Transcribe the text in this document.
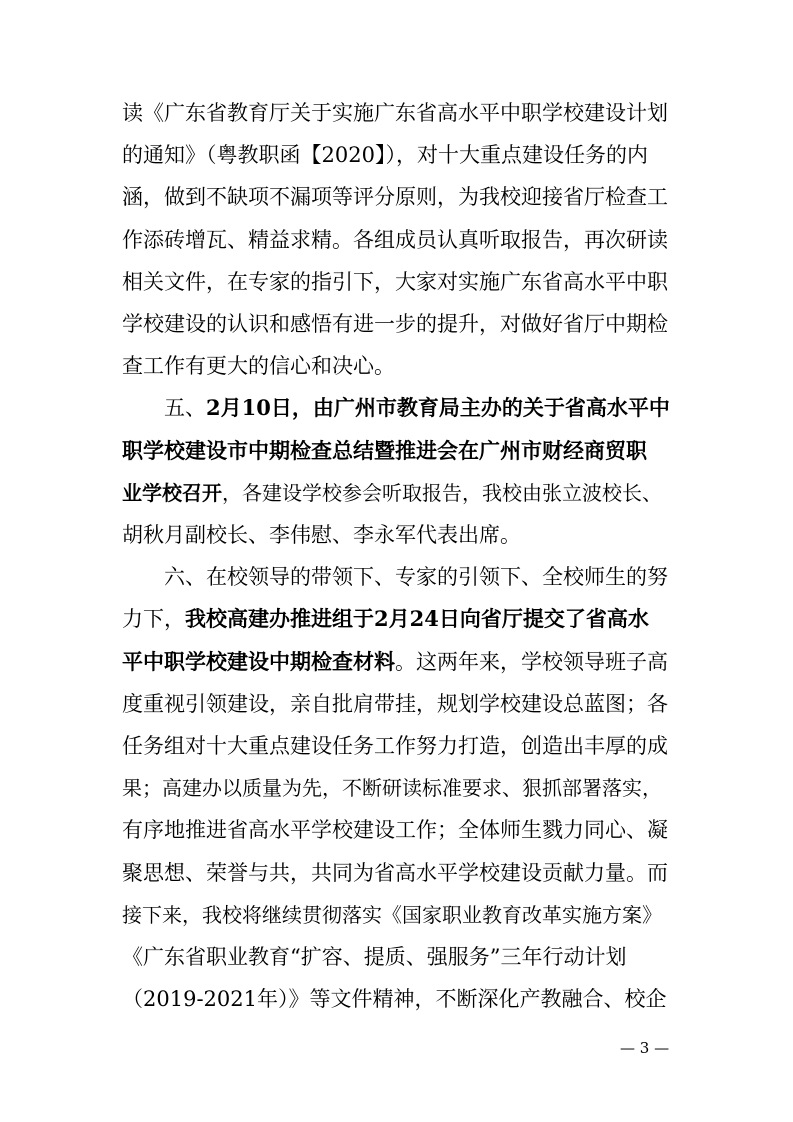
读《广东省教育厅关于实施广东省高水平中职学校建设计划
的通知》（粤教职函【2020】），对十大重点建设任务的内
涵，做到不缺项不漏项等评分原则，为我校迎接省厅检查工
作添砖增瓦、精益求精。各组成员认真听取报告，再次研读
相关文件，在专家的指引下，大家对实施广东省高水平中职
学校建设的认识和感悟有进一步的提升，对做好省厅中期检
查工作有更大的信心和决心。
五、2月10日，由广州市教育局主办的关于省高水平中
职学校建设市中期检查总结暨推进会在广州市财经商贸职
业学校召开，各建设学校参会听取报告，我校由张立波校长、
胡秋月副校长、李伟慰、李永军代表出席。
六、在校领导的带领下、专家的引领下、全校师生的努
力下，我校高建办推进组于2月24日向省厅提交了省高水
平中职学校建设中期检查材料。这两年来，学校领导班子高
度重视引领建设，亲自批肩带挂，规划学校建设总蓝图；各
任务组对十大重点建设任务工作努力打造，创造出丰厚的成
果；高建办以质量为先，不断研读标准要求、狠抓部署落实，
有序地推进省高水平学校建设工作；全体师生戮力同心、凝
聚思想、荣誉与共，共同为省高水平学校建设贡献力量。而
接下来，我校将继续贯彻落实《国家职业教育改革实施方案》
《广东省职业教育“扩容、提质、强服务”三年行动计划
（2019-2021年）》等文件精神，不断深化产教融合、校企
— 3 —
